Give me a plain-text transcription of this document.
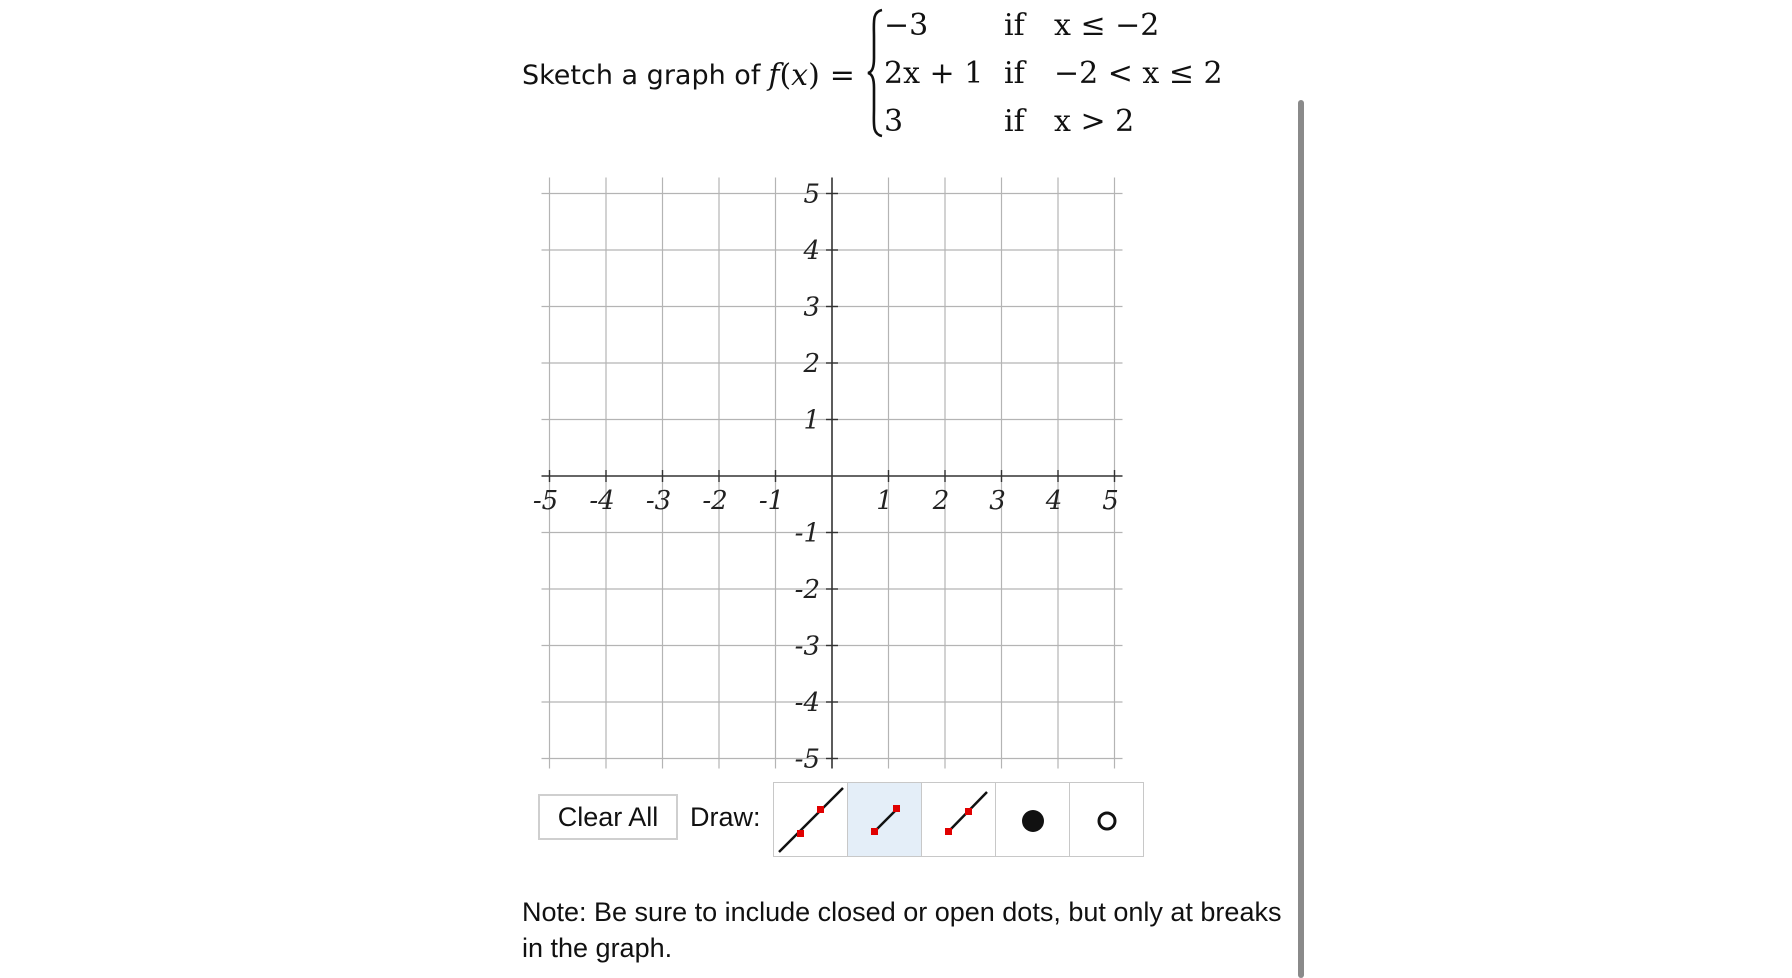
Sketch a graph of f(x) =
−3	if x ≤ −2
2x + 1 if −2 < x ≤ 2
3	if x > 2
-5 -4 -3 -2 -1	1 2 3 4 5
5
4
3
2
1
-1
-2
-3
-4
-5
Clear All	Draw:
Note: Be sure to include closed or open dots, but only at breaks in the graph.
